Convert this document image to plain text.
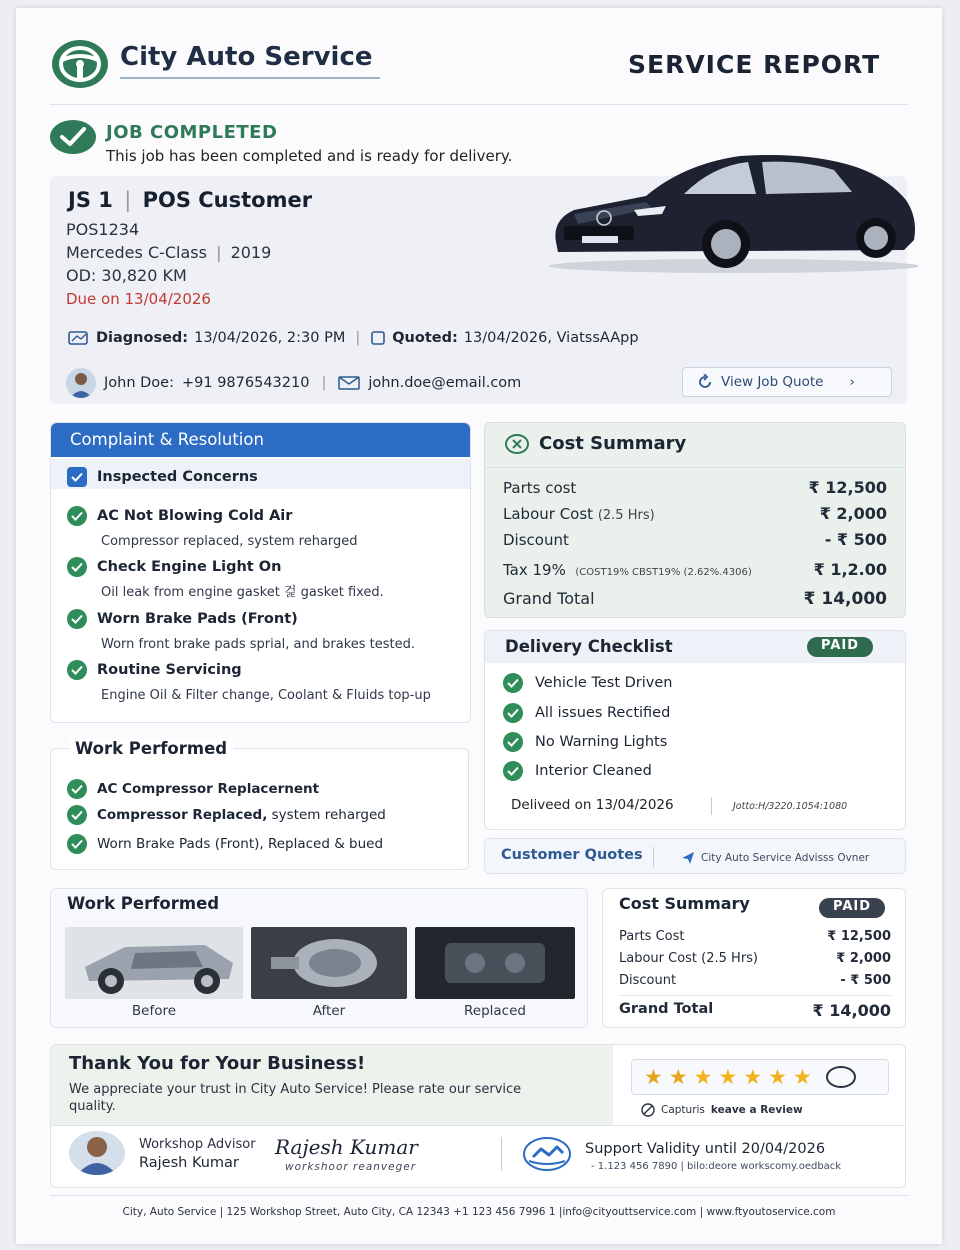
City Auto Service	SERVICE REPORT
JOB COMPLETED
This job has been completed and is ready for delivery.
JS 1 | POS Customer
POS1234
Mercedes C-Class | 2019
OD: 30,820 KM
Due on 13/04/2026
Diagnosed: 13/04/2026, 2:30 PM | Quoted: 13/04/2026, ViatssAApp
John Doe: +91 9876543210 |	john.doe@email.com	View Job Quote ›
Complaint & Resolution
Inspected Concerns
AC Not Blowing Cold Air
Compressor replaced, system reharged
Check Engine Light On
Oil leak from engine gasket 걽 gasket fixed.
Worn Brake Pads (Front)
Worn front brake pads sprial, and brakes tested.
Routine Servicing
Engine Oil & Filter change, Coolant & Fluids top-up
Work Performed
AC Compressor Replacernent
Compressor Replaced, system reharged
Worn Brake Pads (Front), Replaced & bued
Cost Summary
Parts cost	₹ 12,500
Labour Cost (2.5 Hrs)	₹ 2,000
Discount	- ₹ 500
Tax 19% (COST19% CBST19% (2.62%.4306)	₹ 1,2.00
Grand Total	₹ 14,000
Delivery Checklist	PAID
Vehicle Test Driven
All issues Rectified
No Warning Lights
Interior Cleaned
Deliveed on 13/04/2026	Jotto:H/3220.1054:1080
Customer Quotes	City Auto Service Advisss Ovner
Work Performed
Before	After	Replaced
Cost Summary	PAID
Parts Cost	₹ 12,500
Labour Cost (2.5 Hrs)	₹ 2,000
Discount	- ₹ 500
Grand Total	₹ 14,000
Thank You for Your Business!
We appreciate your trust in City Auto Service! Please rate our service quality.
★ ★ ★ ★ ★ ★ ★
Capturis keave a Review
Workshop Advisor
Rajesh Kumar
Rajesh Kumar
workshoor reanveger
Support Validity until 20/04/2026
- 1.123 456 7890 | bilo:deore workscomy.oedback
City, Auto Service | 125 Workshop Street, Auto City, CA 12343 +1 123 456 7996 1 |info@cityouttservice.com | www.ftyoutoservice.com
